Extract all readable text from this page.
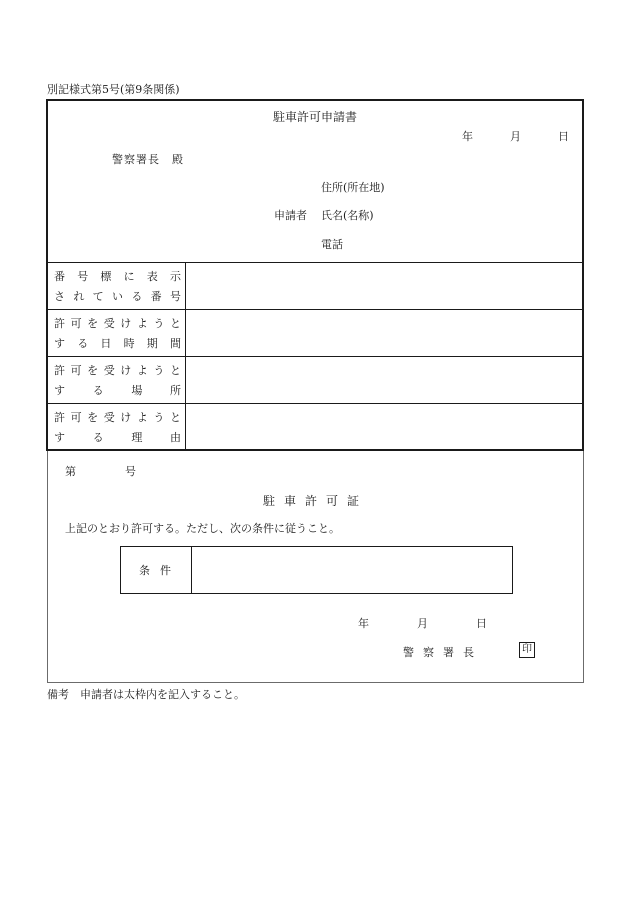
別記様式第5号(第9条関係)
駐車許可申請書
年	月	日
警察署長　殿
住所(所在地)
申請者 氏名(名称)
電話
番 号 標 に 表 示
さ れ て い る 番 号
許 可 を 受 け よ う と
す る 日 時 期 間
許 可 を 受 け よ う と
す	る	場	所
許 可 を 受 け よ う と
す	る	理	由
第	号
駐車許可証
上記のとおり許可する。ただし、次の条件に従うこと。
条件
年	月	日
警察署長	印
備考　申請者は太枠内を記入すること。
